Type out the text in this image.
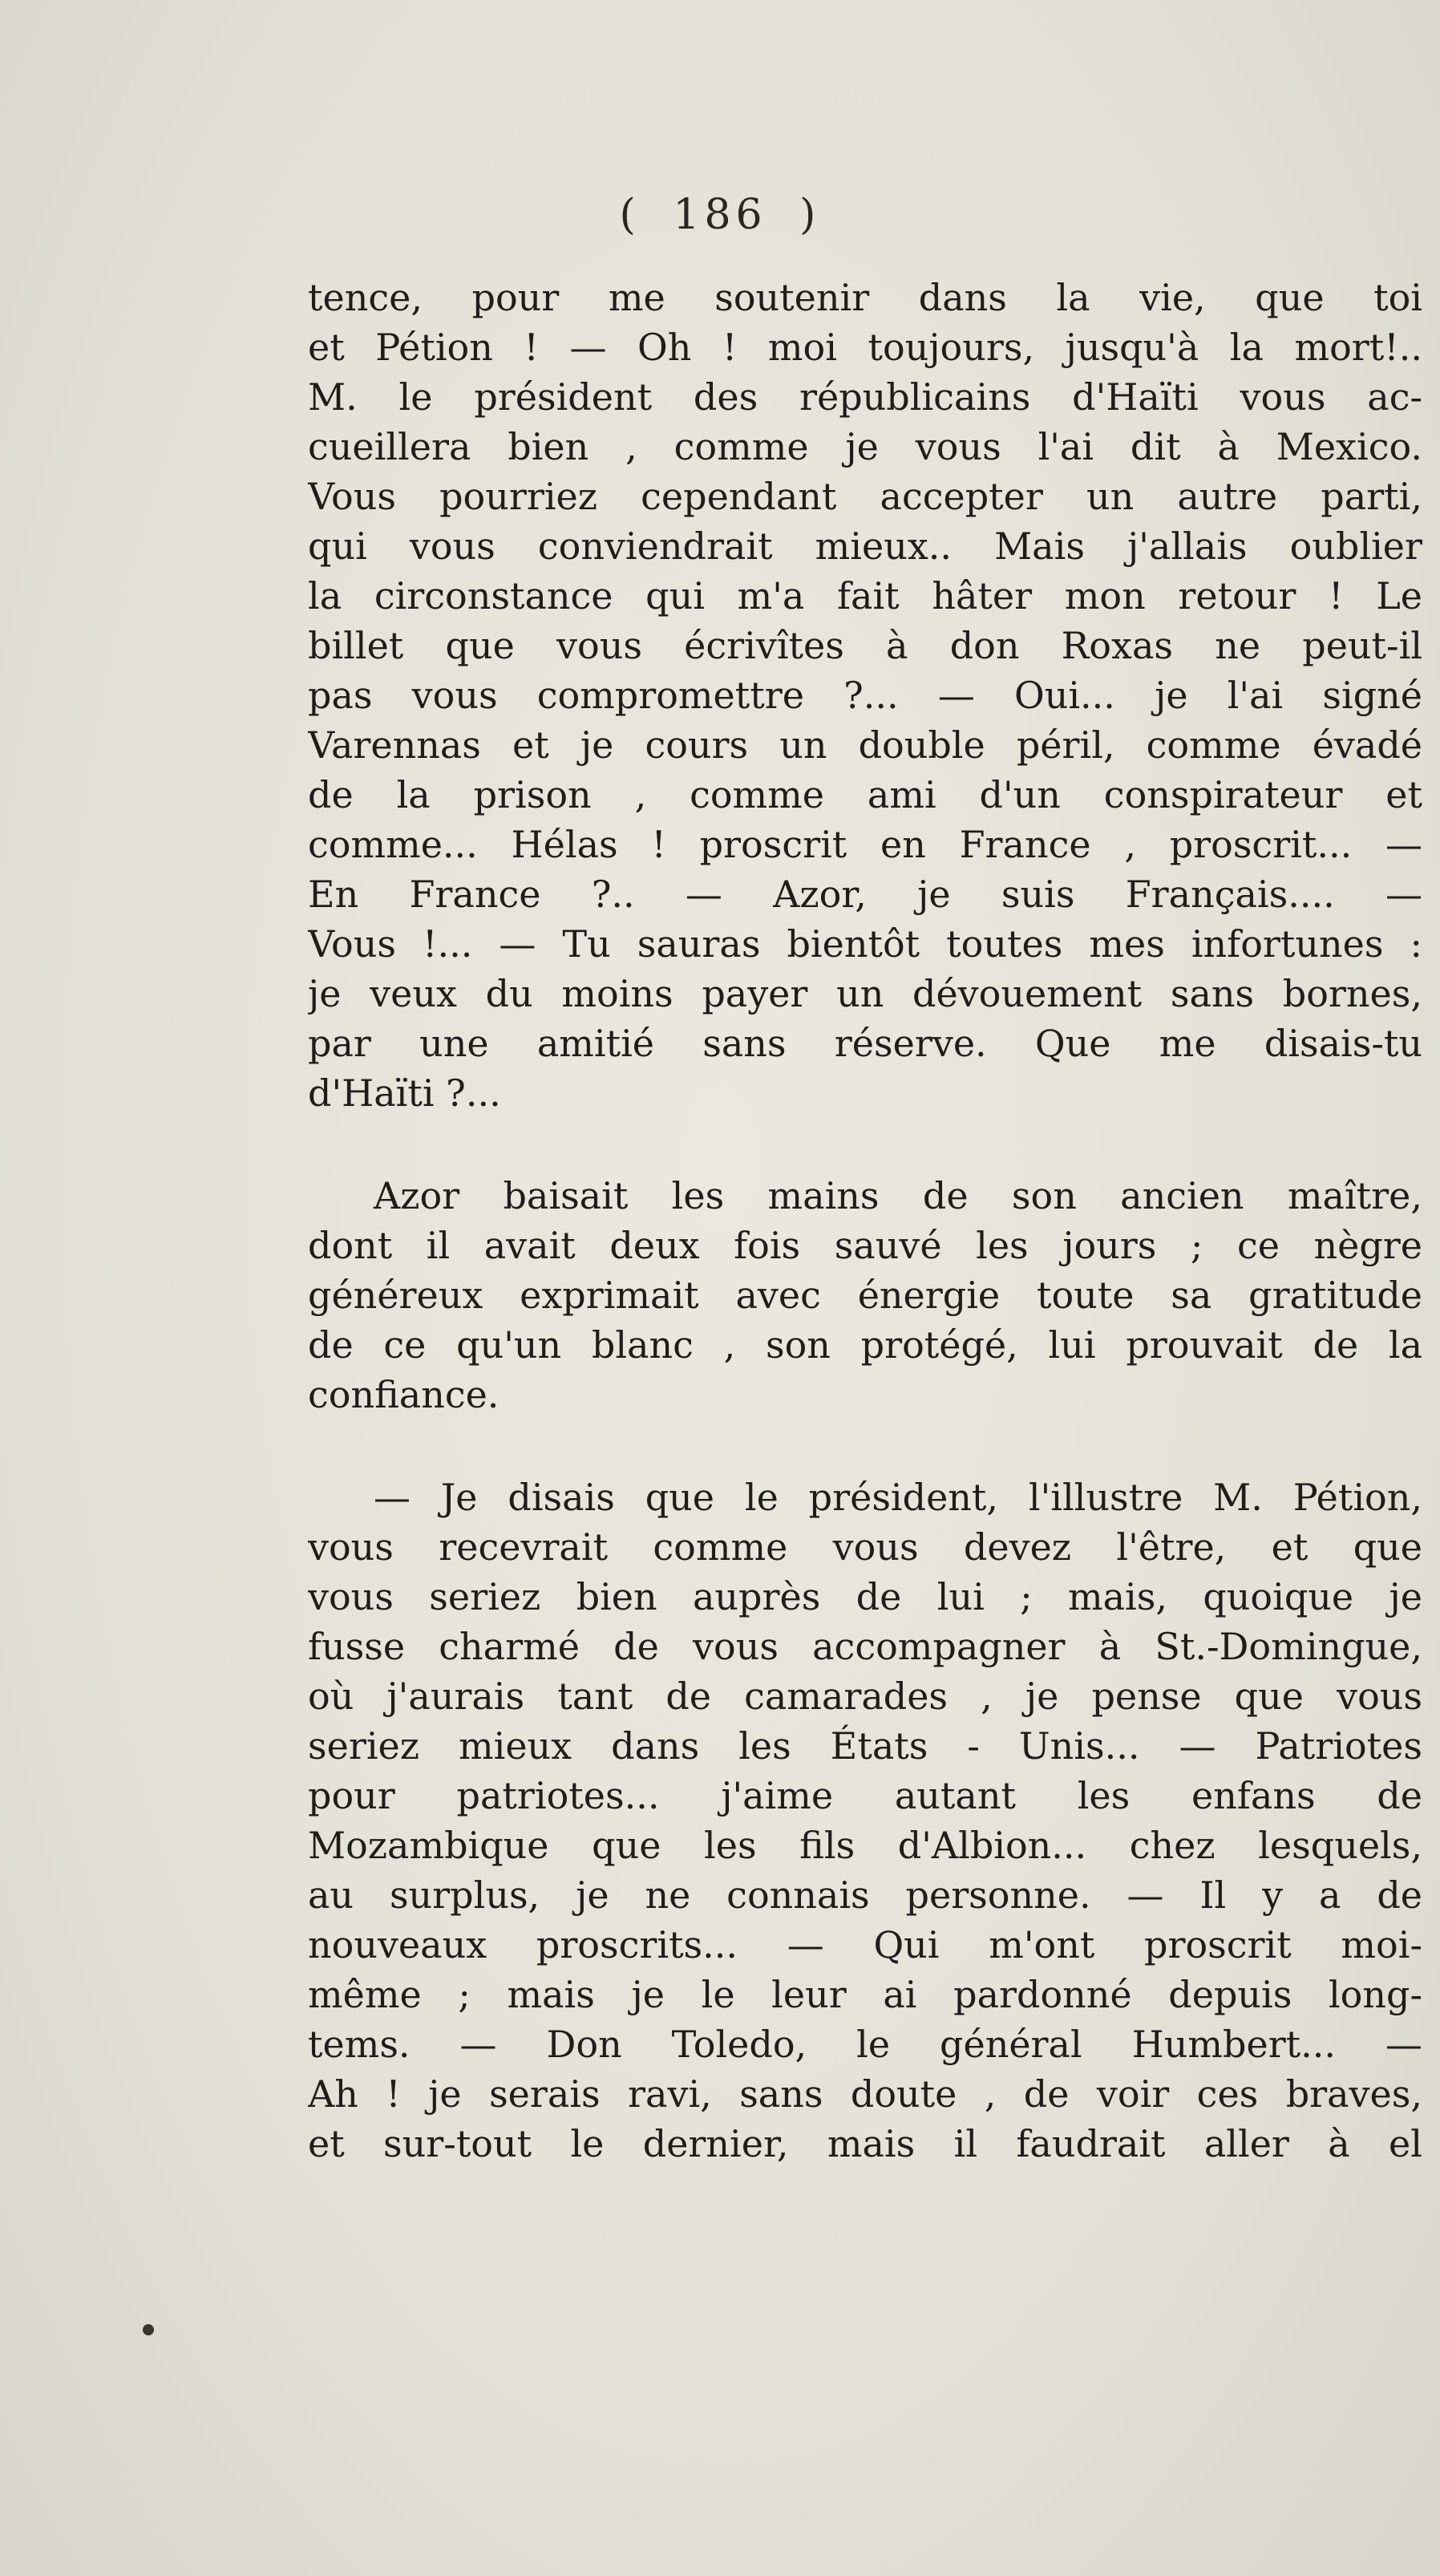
( 186 )
tence, pour me soutenir dans la vie, que toi
et Pétion ! — Oh ! moi toujours, jusqu'à la mort!..
M. le président des républicains d'Haïti vous ac-
cueillera bien , comme je vous l'ai dit à Mexico.
Vous pourriez cependant accepter un autre parti,
qui vous conviendrait mieux.. Mais j'allais oublier
la circonstance qui m'a fait hâter mon retour ! Le
billet que vous écrivîtes à don Roxas ne peut-il
pas vous compromettre ?... — Oui... je l'ai signé
Varennas et je cours un double péril, comme évadé
de la prison , comme ami d'un conspirateur et
comme... Hélas ! proscrit en France , proscrit... —
En France ?.. — Azor, je suis Français.... —
Vous !... — Tu sauras bientôt toutes mes infortunes :
je veux du moins payer un dévouement sans bornes,
par une amitié sans réserve. Que me disais-tu
d'Haïti ?...
Azor baisait les mains de son ancien maître,
dont il avait deux fois sauvé les jours ; ce nègre
généreux exprimait avec énergie toute sa gratitude
de ce qu'un blanc , son protégé, lui prouvait de la
confiance.
— Je disais que le président, l'illustre M. Pétion,
vous recevrait comme vous devez l'être, et que
vous seriez bien auprès de lui ; mais, quoique je
fusse charmé de vous accompagner à St.-Domingue,
où j'aurais tant de camarades , je pense que vous
seriez mieux dans les États - Unis... — Patriotes
pour patriotes... j'aime autant les enfans de
Mozambique que les fils d'Albion... chez lesquels,
au surplus, je ne connais personne. — Il y a de
nouveaux proscrits... — Qui m'ont proscrit moi-
même ; mais je le leur ai pardonné depuis long-
tems. — Don Toledo, le général Humbert... —
Ah ! je serais ravi, sans doute , de voir ces braves,
et sur-tout le dernier, mais il faudrait aller à el
